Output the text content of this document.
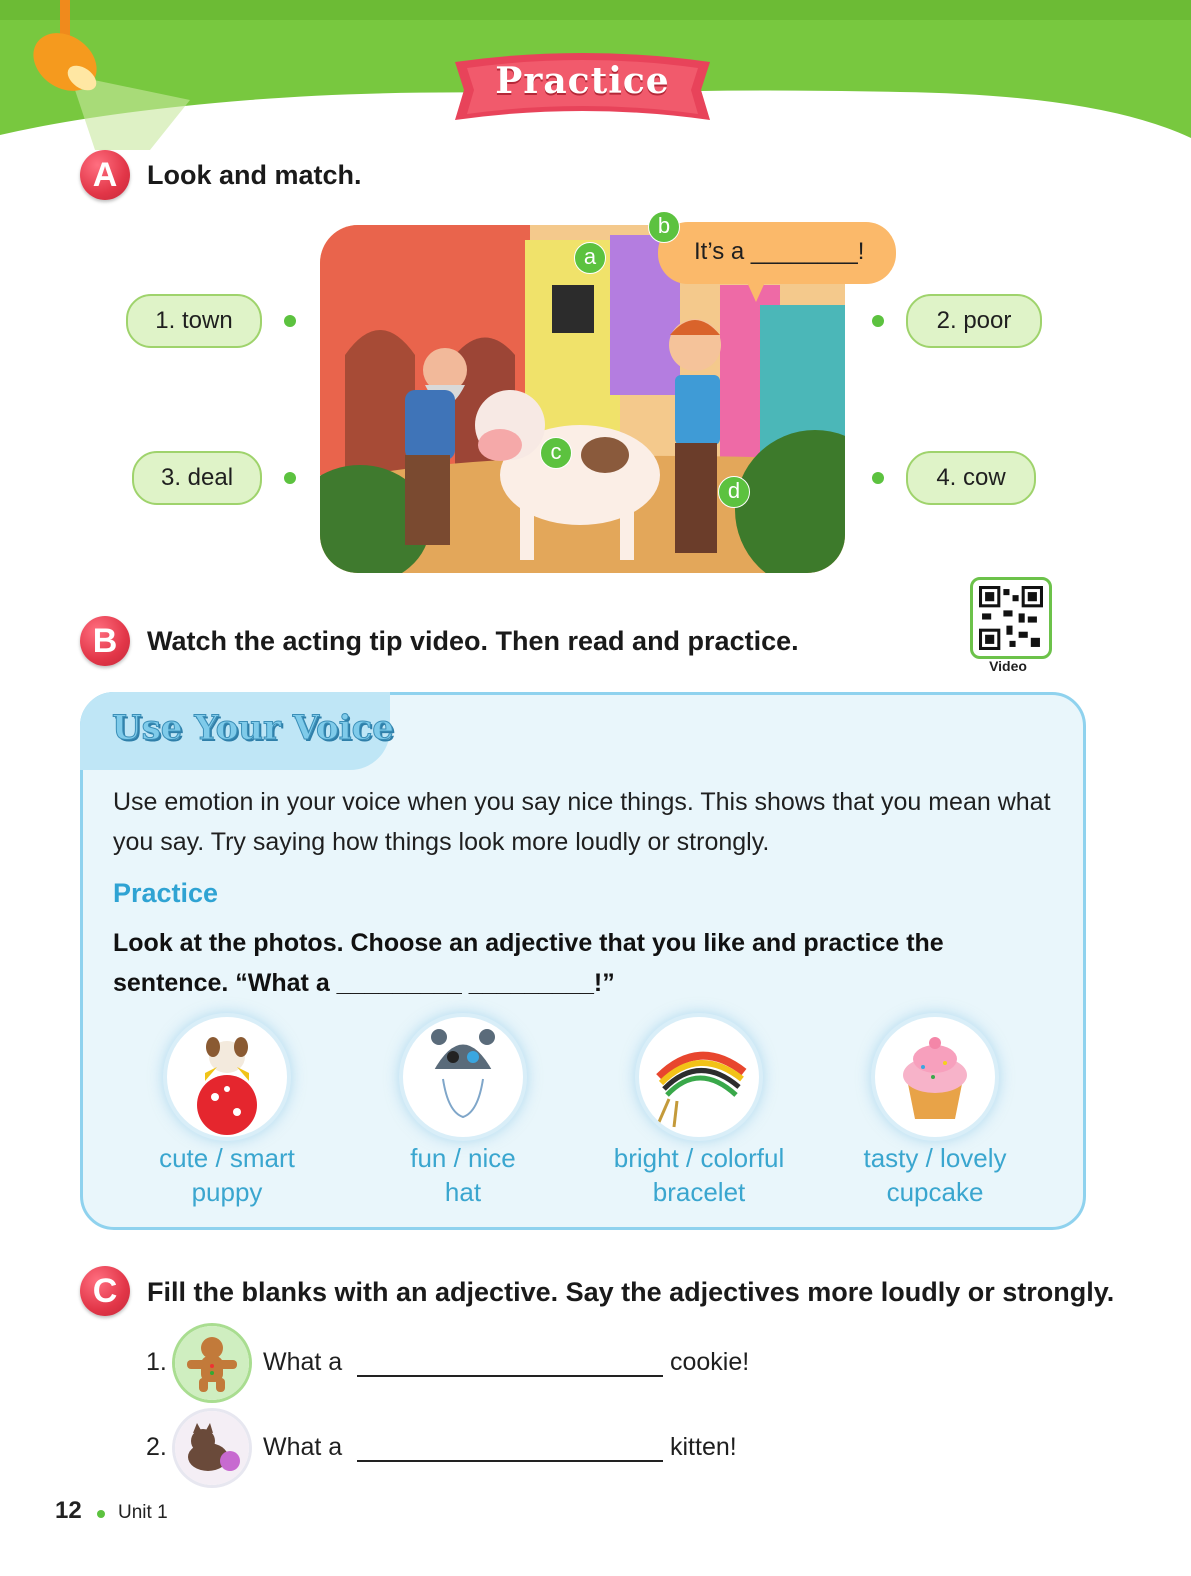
Practice
A	Look and match.
1. town
3. deal
2. poor
4. cow
It’s a ________!
a
b
c
d
Video
B	Watch the acting tip video. Then read and practice.
Use Your Voice
Use emotion in your voice when you say nice things. This shows that you mean what you say. Try saying how things look more loudly or strongly.
Practice
Look at the photos. Choose an adjective that you like and practice the sentence. “What a _________ _________!”
cute / smart
puppy
fun / nice
hat
bright / colorful
bracelet
tasty / lovely
cupcake
C	Fill the blanks with an adjective. Say the adjectives more loudly or strongly.
1.	What a	cookie!
2.	What a	kitten!
12 Unit 1
